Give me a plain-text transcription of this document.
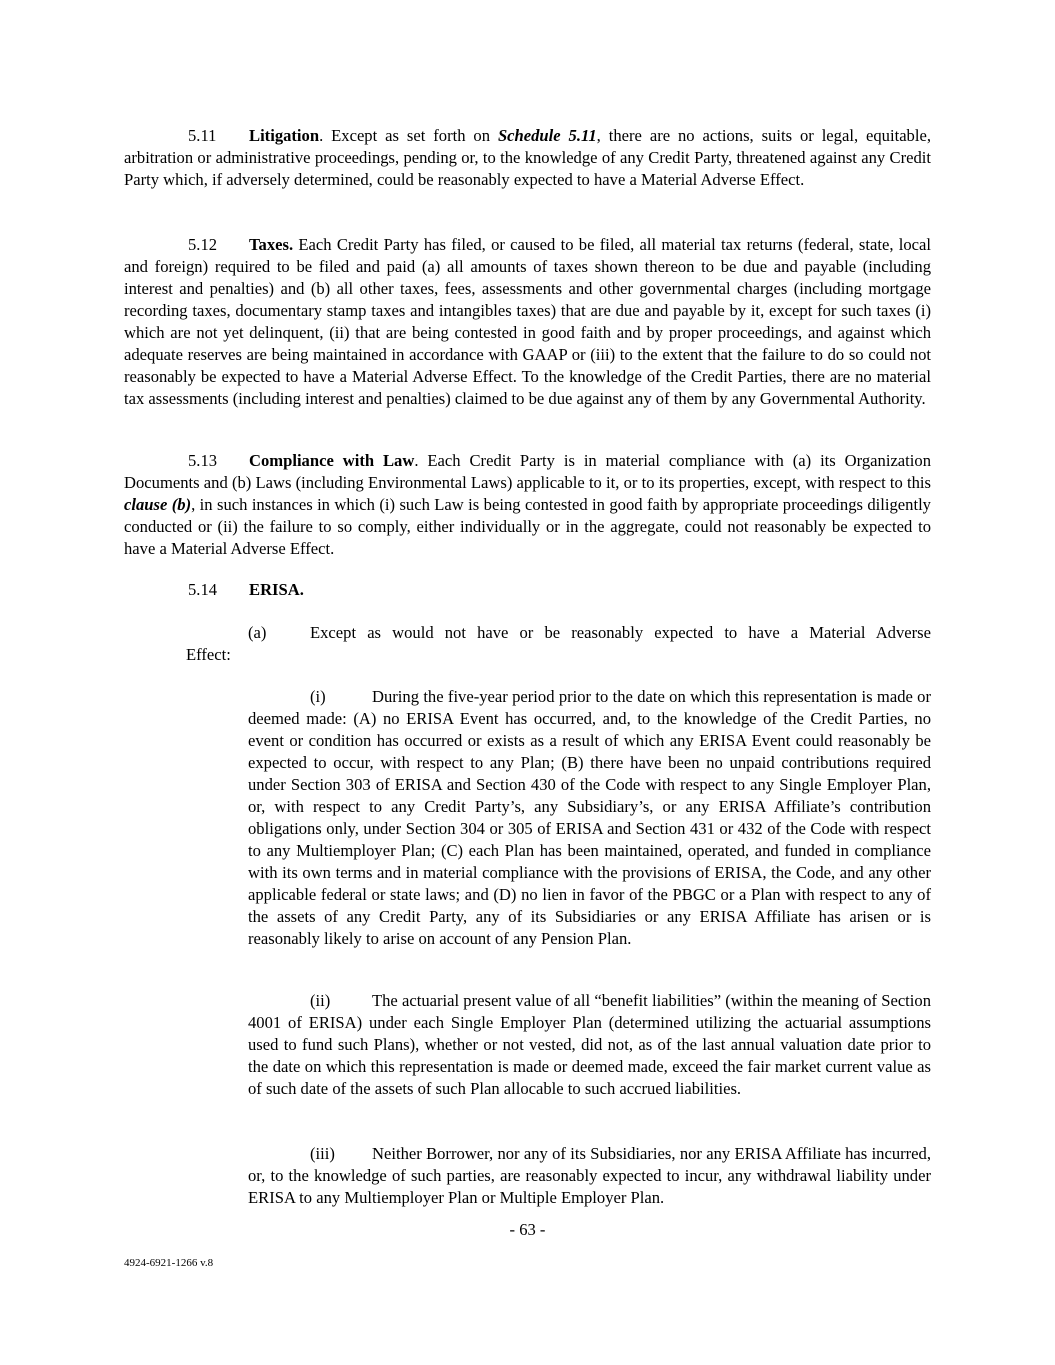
5.11 Litigation. Except as set forth on Schedule 5.11, there are no actions, suits or legal, equitable, arbitration or administrative proceedings, pending or, to the knowledge of any Credit Party, threatened against any Credit Party which, if adversely determined, could be reasonably expected to have a Material Adverse Effect.

5.12 Taxes. Each Credit Party has filed, or caused to be filed, all material tax returns (federal, state, local and foreign) required to be filed and paid (a) all amounts of taxes shown thereon to be due and payable (including interest and penalties) and (b) all other taxes, fees, assessments and other governmental charges (including mortgage recording taxes, documentary stamp taxes and intangibles taxes) that are due and payable by it, except for such taxes (i) which are not yet delinquent, (ii) that are being contested in good faith and by proper proceedings, and against which adequate reserves are being maintained in accordance with GAAP or (iii) to the extent that the failure to do so could not reasonably be expected to have a Material Adverse Effect. To the knowledge of the Credit Parties, there are no material tax assessments (including interest and penalties) claimed to be due against any of them by any Governmental Authority.

5.13 Compliance with Law. Each Credit Party is in material compliance with (a) its Organization Documents and (b) Laws (including Environmental Laws) applicable to it, or to its properties, except, with respect to this clause (b), in such instances in which (i) such Law is being contested in good faith by appropriate proceedings diligently conducted or (ii) the failure to so comply, either individually or in the aggregate, could not reasonably be expected to have a Material Adverse Effect.

5.14 ERISA.

(a)	Except as would not have or be reasonably expected to have a Material Adverse
Effect:

(i)	During the five-year period prior to the date on which this representation is made or deemed made: (A) no ERISA Event has occurred, and, to the knowledge of the Credit Parties, no event or condition has occurred or exists as a result of which any ERISA Event could reasonably be expected to occur, with respect to any Plan; (B) there have been no unpaid contributions required under Section 303 of ERISA and Section 430 of the Code with respect to any Single Employer Plan, or, with respect to any Credit Party’s, any Subsidiary’s, or any ERISA Affiliate’s contribution obligations only, under Section 304 or 305 of ERISA and Section 431 or 432 of the Code with respect to any Multiemployer Plan; (C) each Plan has been maintained, operated, and funded in compliance with its own terms and in material compliance with the provisions of ERISA, the Code, and any other applicable federal or state laws; and (D) no lien in favor of the PBGC or a Plan with respect to any of the assets of any Credit Party, any of its Subsidiaries or any ERISA Affiliate has arisen or is reasonably likely to arise on account of any Pension Plan.

(ii)	The actuarial present value of all “benefit liabilities” (within the meaning of Section 4001 of ERISA) under each Single Employer Plan (determined utilizing the actuarial assumptions used to fund such Plans), whether or not vested, did not, as of the last annual valuation date prior to the date on which this representation is made or deemed made, exceed the fair market current value as of such date of the assets of such Plan allocable to such accrued liabilities.

(iii) Neither Borrower, nor any of its Subsidiaries, nor any ERISA Affiliate has incurred, or, to the knowledge of such parties, are reasonably expected to incur, any withdrawal liability under ERISA to any Multiemployer Plan or Multiple Employer Plan.

- 63 -
4924-6921-1266 v.8
